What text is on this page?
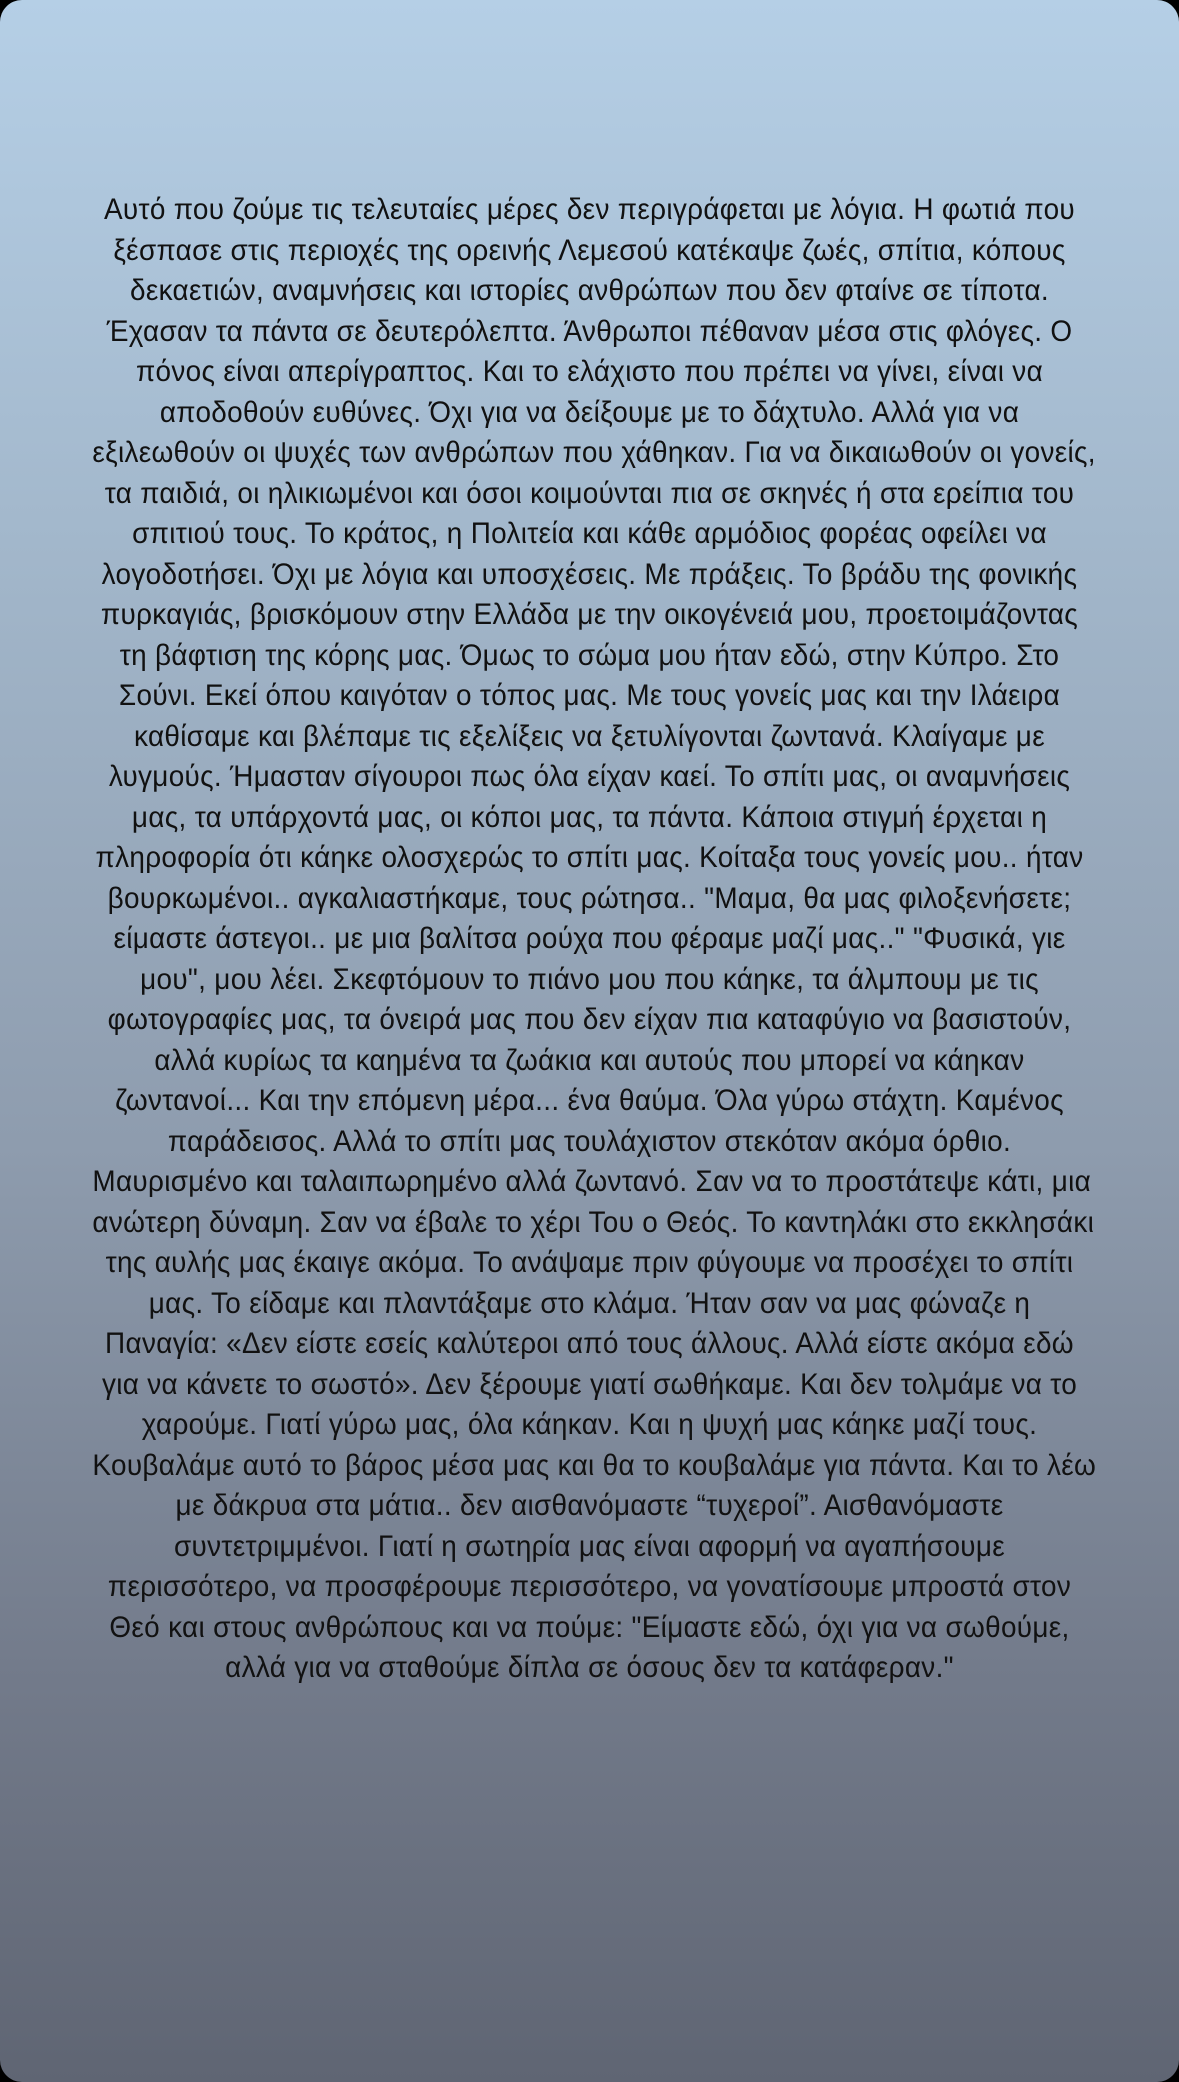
Αυτό που ζούμε τις τελευταίες μέρες δεν περιγράφεται με λόγια. Η φωτιά που
ξέσπασε στις περιοχές της ορεινής Λεμεσού κατέκαψε ζωές, σπίτια, κόπους
δεκαετιών, αναμνήσεις και ιστορίες ανθρώπων που δεν φταίνε σε τίποτα.
Έχασαν τα πάντα σε δευτερόλεπτα. Άνθρωποι πέθαναν μέσα στις φλόγες. Ο
πόνος είναι απερίγραπτος. Και το ελάχιστο που πρέπει να γίνει, είναι να
αποδοθούν ευθύνες. Όχι για να δείξουμε με το δάχτυλο. Αλλά για να
εξιλεωθούν οι ψυχές των ανθρώπων που χάθηκαν. Για να δικαιωθούν οι γονείς,
τα παιδιά, οι ηλικιωμένοι και όσοι κοιμούνται πια σε σκηνές ή στα ερείπια του
σπιτιού τους. Το κράτος, η Πολιτεία και κάθε αρμόδιος φορέας οφείλει να
λογοδοτήσει. Όχι με λόγια και υποσχέσεις. Με πράξεις. Το βράδυ της φονικής
πυρκαγιάς, βρισκόμουν στην Ελλάδα με την οικογένειά μου, προετοιμάζοντας
τη βάφτιση της κόρης μας. Όμως το σώμα μου ήταν εδώ, στην Κύπρο. Στο
Σούνι. Εκεί όπου καιγόταν ο τόπος μας. Με τους γονείς μας και την Ιλάειρα
καθίσαμε και βλέπαμε τις εξελίξεις να ξετυλίγονται ζωντανά. Κλαίγαμε με
λυγμούς. Ήμασταν σίγουροι πως όλα είχαν καεί. Το σπίτι μας, οι αναμνήσεις
μας, τα υπάρχοντά μας, οι κόποι μας, τα πάντα. Κάποια στιγμή έρχεται η
πληροφορία ότι κάηκε ολοσχερώς το σπίτι μας. Κοίταξα τους γονείς μου.. ήταν
βουρκωμένοι.. αγκαλιαστήκαμε, τους ρώτησα.. "Μαμα, θα μας φιλοξενήσετε;
είμαστε άστεγοι.. με μια βαλίτσα ρούχα που φέραμε μαζί μας.." "Φυσικά, γιε
μου", μου λέει. Σκεφτόμουν το πιάνο μου που κάηκε, τα άλμπουμ με τις
φωτογραφίες μας, τα όνειρά μας που δεν είχαν πια καταφύγιο να βασιστούν,
αλλά κυρίως τα καημένα τα ζωάκια και αυτούς που μπορεί να κάηκαν
ζωντανοί... Και την επόμενη μέρα... ένα θαύμα. Όλα γύρω στάχτη. Καμένος
παράδεισος. Αλλά το σπίτι μας τουλάχιστον στεκόταν ακόμα όρθιο.
Μαυρισμένο και ταλαιπωρημένο αλλά ζωντανό. Σαν να το προστάτεψε κάτι, μια
ανώτερη δύναμη. Σαν να έβαλε το χέρι Του ο Θεός. Το καντηλάκι στο εκκλησάκι
της αυλής μας έκαιγε ακόμα. Το ανάψαμε πριν φύγουμε να προσέχει το σπίτι
μας. Το είδαμε και πλαντάξαμε στο κλάμα. Ήταν σαν να μας φώναζε η
Παναγία: «Δεν είστε εσείς καλύτεροι από τους άλλους. Αλλά είστε ακόμα εδώ
για να κάνετε το σωστό». Δεν ξέρουμε γιατί σωθήκαμε. Και δεν τολμάμε να το
χαρούμε. Γιατί γύρω μας, όλα κάηκαν. Και η ψυχή μας κάηκε μαζί τους.
Κουβαλάμε αυτό το βάρος μέσα μας και θα το κουβαλάμε για πάντα. Και το λέω
με δάκρυα στα μάτια.. δεν αισθανόμαστε “τυχεροί”. Αισθανόμαστε
συντετριμμένοι. Γιατί η σωτηρία μας είναι αφορμή να αγαπήσουμε
περισσότερο, να προσφέρουμε περισσότερο, να γονατίσουμε μπροστά στον
Θεό και στους ανθρώπους και να πούμε: "Είμαστε εδώ, όχι για να σωθούμε,
αλλά για να σταθούμε δίπλα σε όσους δεν τα κατάφεραν."
